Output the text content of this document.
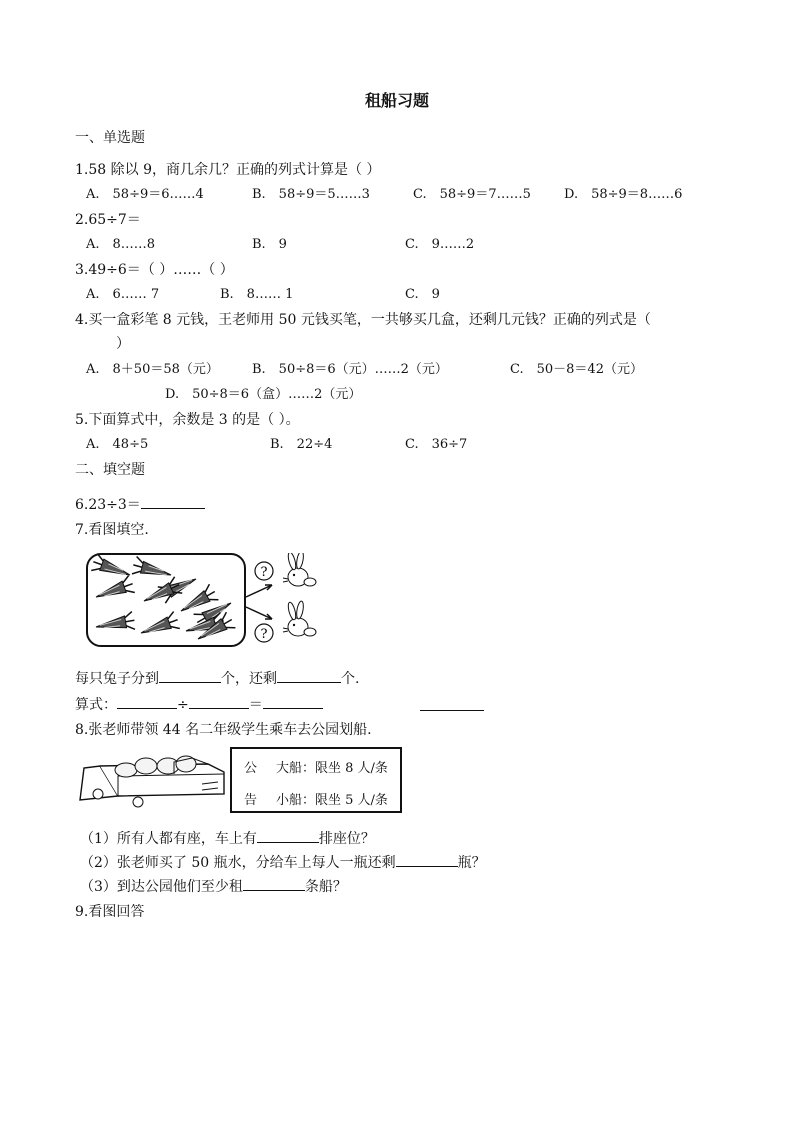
租船习题
一、单选题
1.58 除以 9，商几余几？正确的列式计算是（ ）
A.　58÷9＝6……4	B.　58÷9＝5……3	C.　58÷9＝7……5	D.　58÷9＝8……6
2.65÷7＝
A.　8……8	B.　9	C.　9……2
3.49÷6＝（ ）……（ ）
A.　6…… 7	B.　8…… 1	C.　9
4.买一盒彩笔 8 元钱，王老师用 50 元钱买笔，一共够买几盒，还剩几元钱？正确的列式是（
）
A.　8＋50＝58（元）	B.　50÷8＝6（元）……2（元）	C.　50－8＝42（元）
D.　50÷8＝6（盒）……2（元）
5.下面算式中，余数是 3 的是（ ）。
A.　48÷5	B.　22÷4	C.　36÷7
二、填空题
6.23÷3＝
7.看图填空.
?
?
每只兔子分到	个，还剩	个.
算式：	÷	＝
8.张老师带领 44 名二年级学生乘车去公园划船.
公
告
大船：限坐 8 人/条
小船：限坐 5 人/条
（1）所有人都有座，车上有	排座位？
（2）张老师买了 50 瓶水，分给车上每人一瓶还剩	瓶？
（3）到达公园他们至少租	条船？
9.看图回答
